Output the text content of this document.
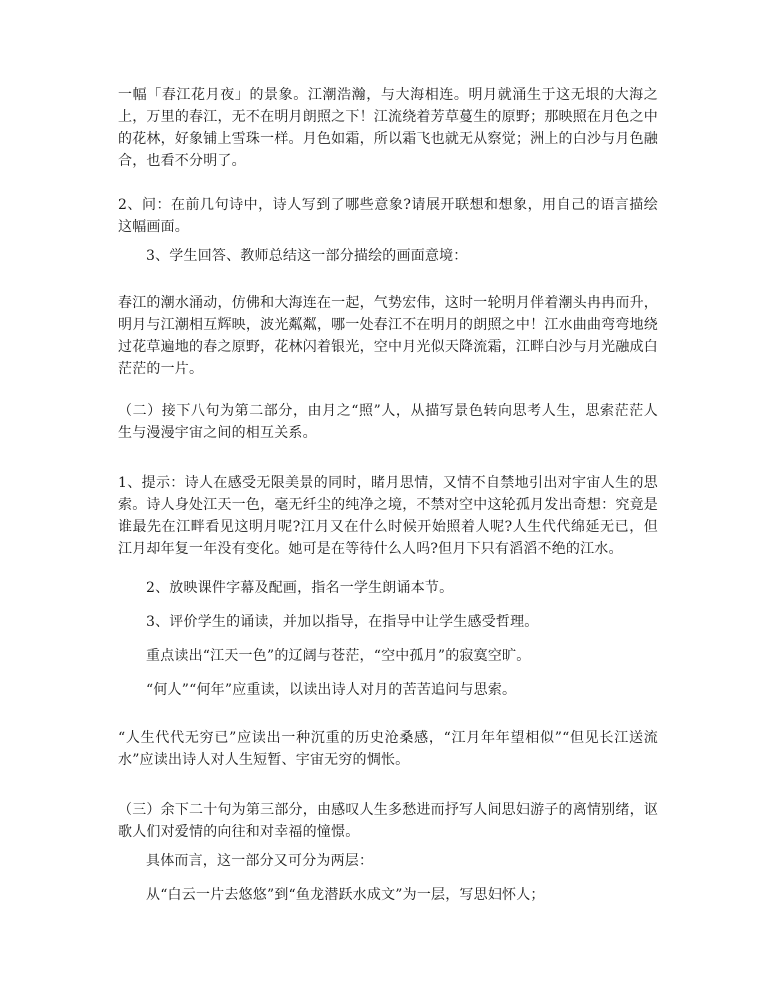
一幅「春江花月夜」的景象。江潮浩瀚，与大海相连。明月就涌生于这无垠的大海之上，万里的春江，无不在明月朗照之下！江流绕着芳草蔓生的原野；那映照在月色之中的花林，好象铺上雪珠一样。月色如霜，所以霜飞也就无从察觉；洲上的白沙与月色融合，也看不分明了。

2、问：在前几句诗中，诗人写到了哪些意象?请展开联想和想象，用自己的语言描绘这幅画面。

3、学生回答、教师总结这一部分描绘的画面意境：

春江的潮水涌动，仿佛和大海连在一起，气势宏伟，这时一轮明月伴着潮头冉冉而升，明月与江潮相互辉映，波光粼粼，哪一处春江不在明月的朗照之中！江水曲曲弯弯地绕过花草遍地的春之原野，花林闪着银光，空中月光似天降流霜，江畔白沙与月光融成白茫茫的一片。

（二）接下八句为第二部分，由月之“照”人，从描写景色转向思考人生，思索茫茫人生与漫漫宇宙之间的相互关系。

1、提示：诗人在感受无限美景的同时，睹月思情，又情不自禁地引出对宇宙人生的思索。诗人身处江天一色，毫无纤尘的纯净之境，不禁对空中这轮孤月发出奇想：究竟是谁最先在江畔看见这明月呢?江月又在什么时候开始照着人呢?人生代代绵延无已，但江月却年复一年没有变化。她可是在等待什么人吗?但月下只有滔滔不绝的江水。

2、放映课件字幕及配画，指名一学生朗诵本节。

3、评价学生的诵读，并加以指导，在指导中让学生感受哲理。

重点读出“江天一色”的辽阔与苍茫，“空中孤月”的寂寞空旷。

“何人”“何年”应重读，以读出诗人对月的苦苦追问与思索。

“人生代代无穷已”应读出一种沉重的历史沧桑感，“江月年年望相似”“但见长江送流水”应读出诗人对人生短暂、宇宙无穷的惆怅。

（三）余下二十句为第三部分，由感叹人生多愁进而抒写人间思妇游子的离情别绪，讴歌人们对爱情的向往和对幸福的憧憬。

具体而言，这一部分又可分为两层：

从“白云一片去悠悠”到“鱼龙潜跃水成文”为一层，写思妇怀人；
